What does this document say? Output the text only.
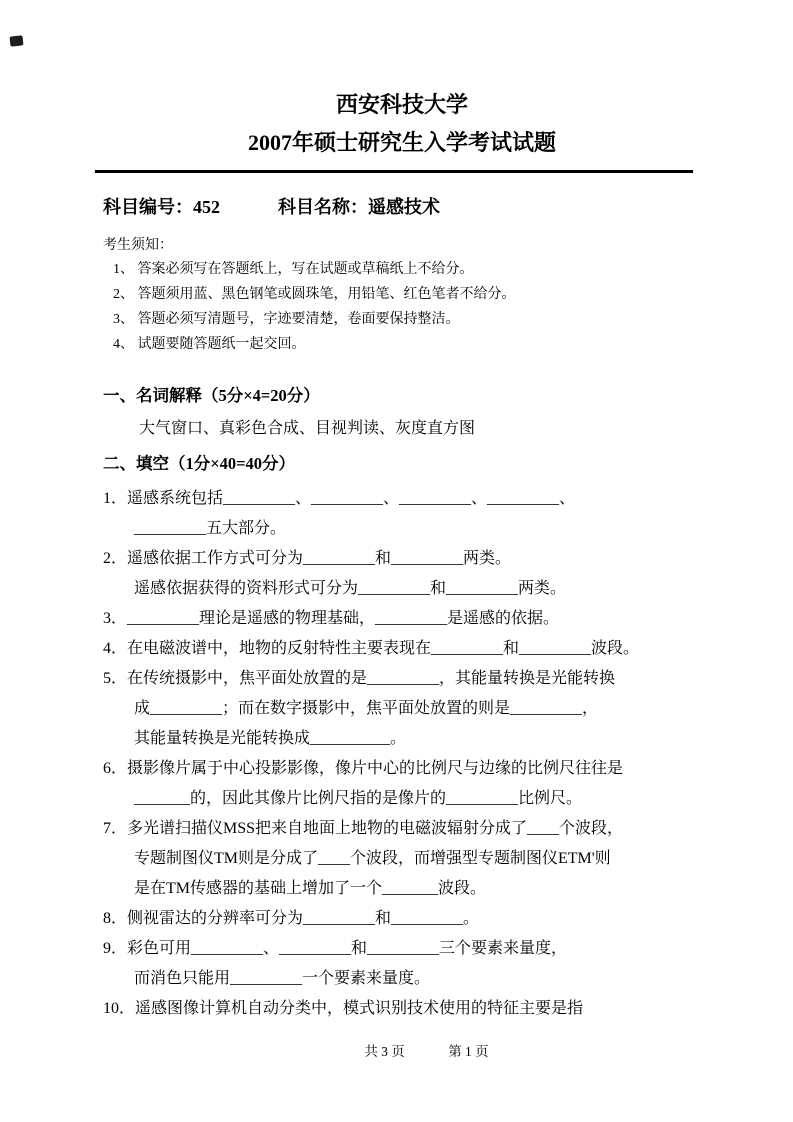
西安科技大学
2007年硕士研究生入学考试试题
科目编号：452	科目名称：遥感技术
考生须知：
1、 答案必须写在答题纸上，写在试题或草稿纸上不给分。
2、 答题须用蓝、黑色钢笔或圆珠笔，用铅笔、红色笔者不给分。
3、 答题必须写清题号，字迹要清楚，卷面要保持整洁。
4、 试题要随答题纸一起交回。
一、名词解释（5分×4=20分）
大气窗口、真彩色合成、目视判读、灰度直方图
二、填空（1分×40=40分）
1． 遥感系统包括_________、_________、_________、_________、
_________五大部分。
2． 遥感依据工作方式可分为_________和_________两类。
遥感依据获得的资料形式可分为_________和_________两类。
3． _________理论是遥感的物理基础，_________是遥感的依据。
4． 在电磁波谱中，地物的反射特性主要表现在_________和_________波段。
5． 在传统摄影中，焦平面处放置的是_________，其能量转换是光能转换
成_________；而在数字摄影中，焦平面处放置的则是_________，
其能量转换是光能转换成__________。
6． 摄影像片属于中心投影影像，像片中心的比例尺与边缘的比例尺往往是
_______的，因此其像片比例尺指的是像片的_________比例尺。
7． 多光谱扫描仪MSS把来自地面上地物的电磁波辐射分成了____个波段，
专题制图仪TM则是分成了____个波段，而增强型专题制图仪ETM'则
是在TM传感器的基础上增加了一个_______波段。
8． 侧视雷达的分辨率可分为_________和_________。
9． 彩色可用_________、_________和_________三个要素来量度，
而消色只能用_________一个要素来量度。
10． 遥感图像计算机自动分类中，模式识别技术使用的特征主要是指
共 3 页	第 1 页
